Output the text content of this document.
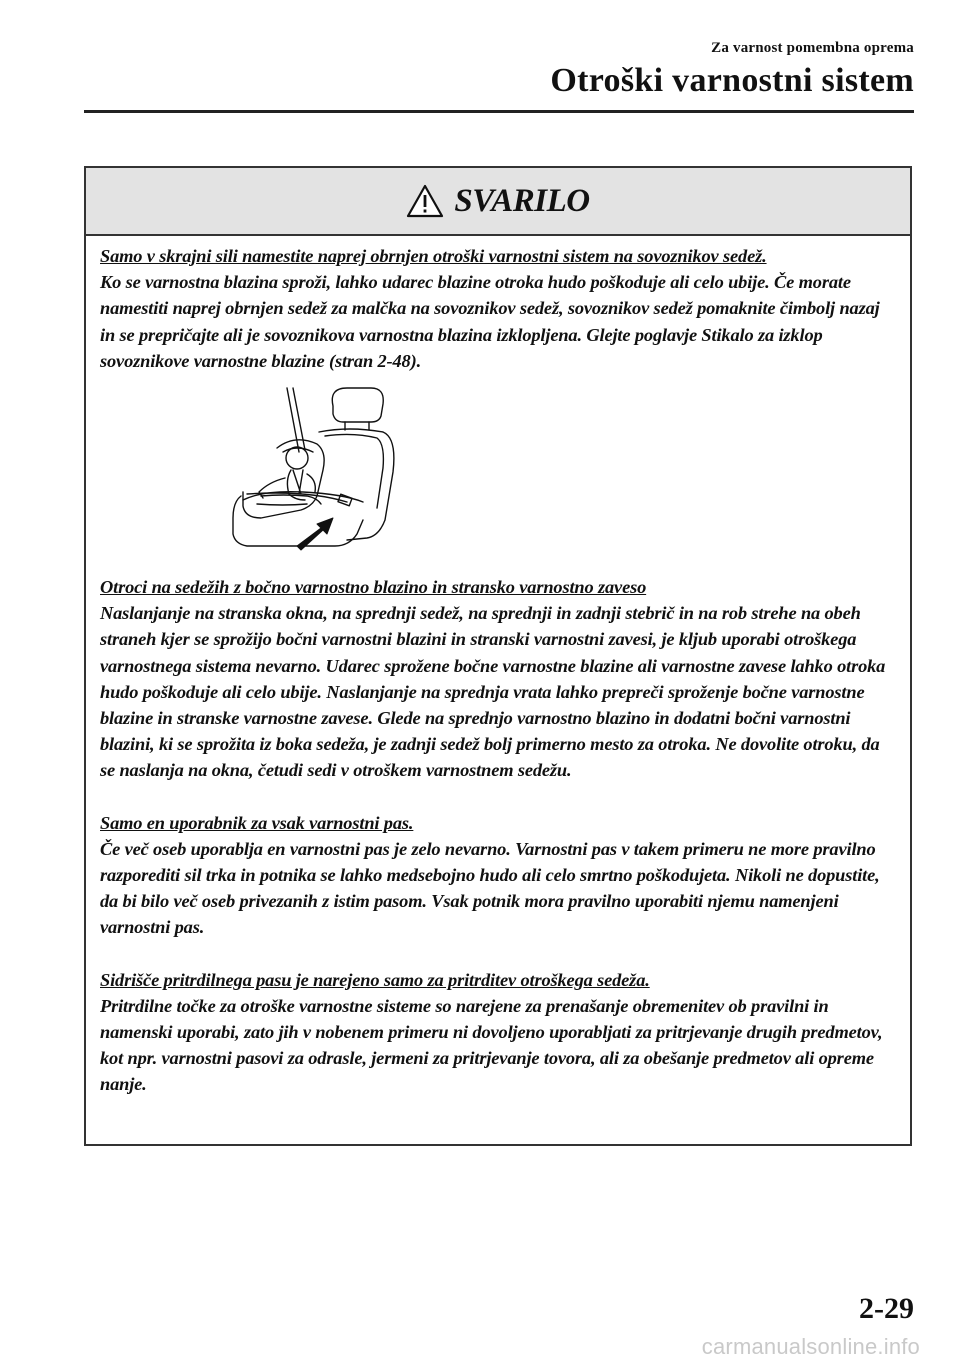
Za varnost pomembna oprema
Otroški varnostni sistem
SVARILO

Samo v skrajni sili namestite naprej obrnjen otroški varnostni sistem na sovoznikov sedež.

Ko se varnostna blazina sproži, lahko udarec blazine otroka hudo poškoduje ali celo ubije. Če morate namestiti naprej obrnjen sedež za malčka na sovoznikov sedež, sovoznikov sedež pomaknite čimbolj nazaj in se prepričajte ali je sovoznikova varnostna blazina izklopljena. Glejte poglavje Stikalo za izklop sovoznikove varnostne blazine (stran 2-48).

Otroci na sedežih z bočno varnostno blazino in stransko varnostno zaveso

Naslanjanje na stranska okna, na sprednji sedež, na sprednji in zadnji stebrič in na rob strehe na obeh straneh kjer se sprožijo bočni varnostni blazini in stranski varnostni zavesi, je kljub uporabi otroškega varnostnega sistema nevarno. Udarec sprožene bočne varnostne blazine ali varnostne zavese lahko otroka hudo poškoduje ali celo ubije. Naslanjanje na sprednja vrata lahko prepreči sproženje bočne varnostne blazine in stranske varnostne zavese. Glede na sprednjo varnostno blazino in dodatni bočni varnostni blazini, ki se sprožita iz boka sedeža, je zadnji sedež bolj primerno mesto za otroka. Ne dovolite otroku, da se naslanja na okna, četudi sedi v otroškem varnostnem sedežu.

Samo en uporabnik za vsak varnostni pas.

Če več oseb uporablja en varnostni pas je zelo nevarno. Varnostni pas v takem primeru ne more pravilno razporediti sil trka in potnika se lahko medsebojno hudo ali celo smrtno poškodujeta. Nikoli ne dopustite, da bi bilo več oseb privezanih z istim pasom. Vsak potnik mora pravilno uporabiti njemu namenjeni varnostni pas.

Sidrišče pritrdilnega pasu je narejeno samo za pritrditev otroškega sedeža.

Pritrdilne točke za otroške varnostne sisteme so narejene za prenašanje obremenitev ob pravilni in namenski uporabi, zato jih v nobenem primeru ni dovoljeno uporabljati za pritrjevanje drugih predmetov, kot npr. varnostni pasovi za odrasle, jermeni za pritrjevanje tovora, ali za obešanje predmetov ali opreme nanje.

2-29
carmanualsonline.info
